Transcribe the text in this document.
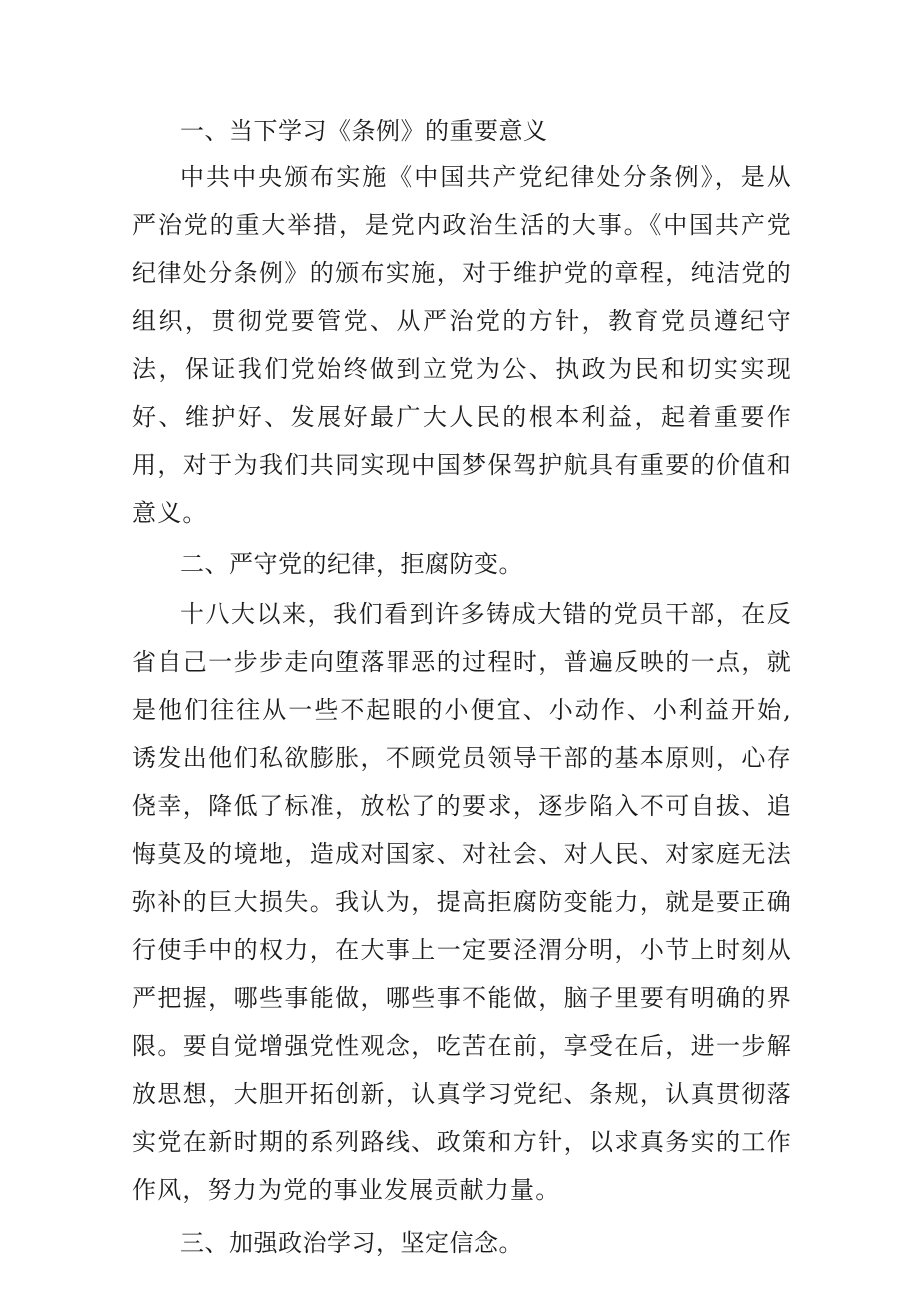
一、当下学习《条例》的重要意义

中共中央颁布实施《中国共产党纪律处分条例》，是从严治党的重大举措，是党内政治生活的大事。《中国共产党纪律处分条例》的颁布实施，对于维护党的章程，纯洁党的组织，贯彻党要管党、从严治党的方针，教育党员遵纪守法，保证我们党始终做到立党为公、执政为民和切实实现好、维护好、发展好最广大人民的根本利益，起着重要作用，对于为我们共同实现中国梦保驾护航具有重要的价值和意义。

二、严守党的纪律，拒腐防变。

十八大以来，我们看到许多铸成大错的党员干部，在反省自己一步步走向堕落罪恶的过程时，普遍反映的一点，就是他们往往从一些不起眼的小便宜、小动作、小利益开始,诱发出他们私欲膨胀，不顾党员领导干部的基本原则，心存侥幸，降低了标准，放松了的要求，逐步陷入不可自拔、追悔莫及的境地，造成对国家、对社会、对人民、对家庭无法弥补的巨大损失。我认为，提高拒腐防变能力，就是要正确行使手中的权力，在大事上一定要泾渭分明，小节上时刻从严把握，哪些事能做，哪些事不能做，脑子里要有明确的界限。要自觉增强党性观念，吃苦在前，享受在后，进一步解放思想，大胆开拓创新，认真学习党纪、条规，认真贯彻落实党在新时期的系列路线、政策和方针，以求真务实的工作作风，努力为党的事业发展贡献力量。

三、加强政治学习，坚定信念。
